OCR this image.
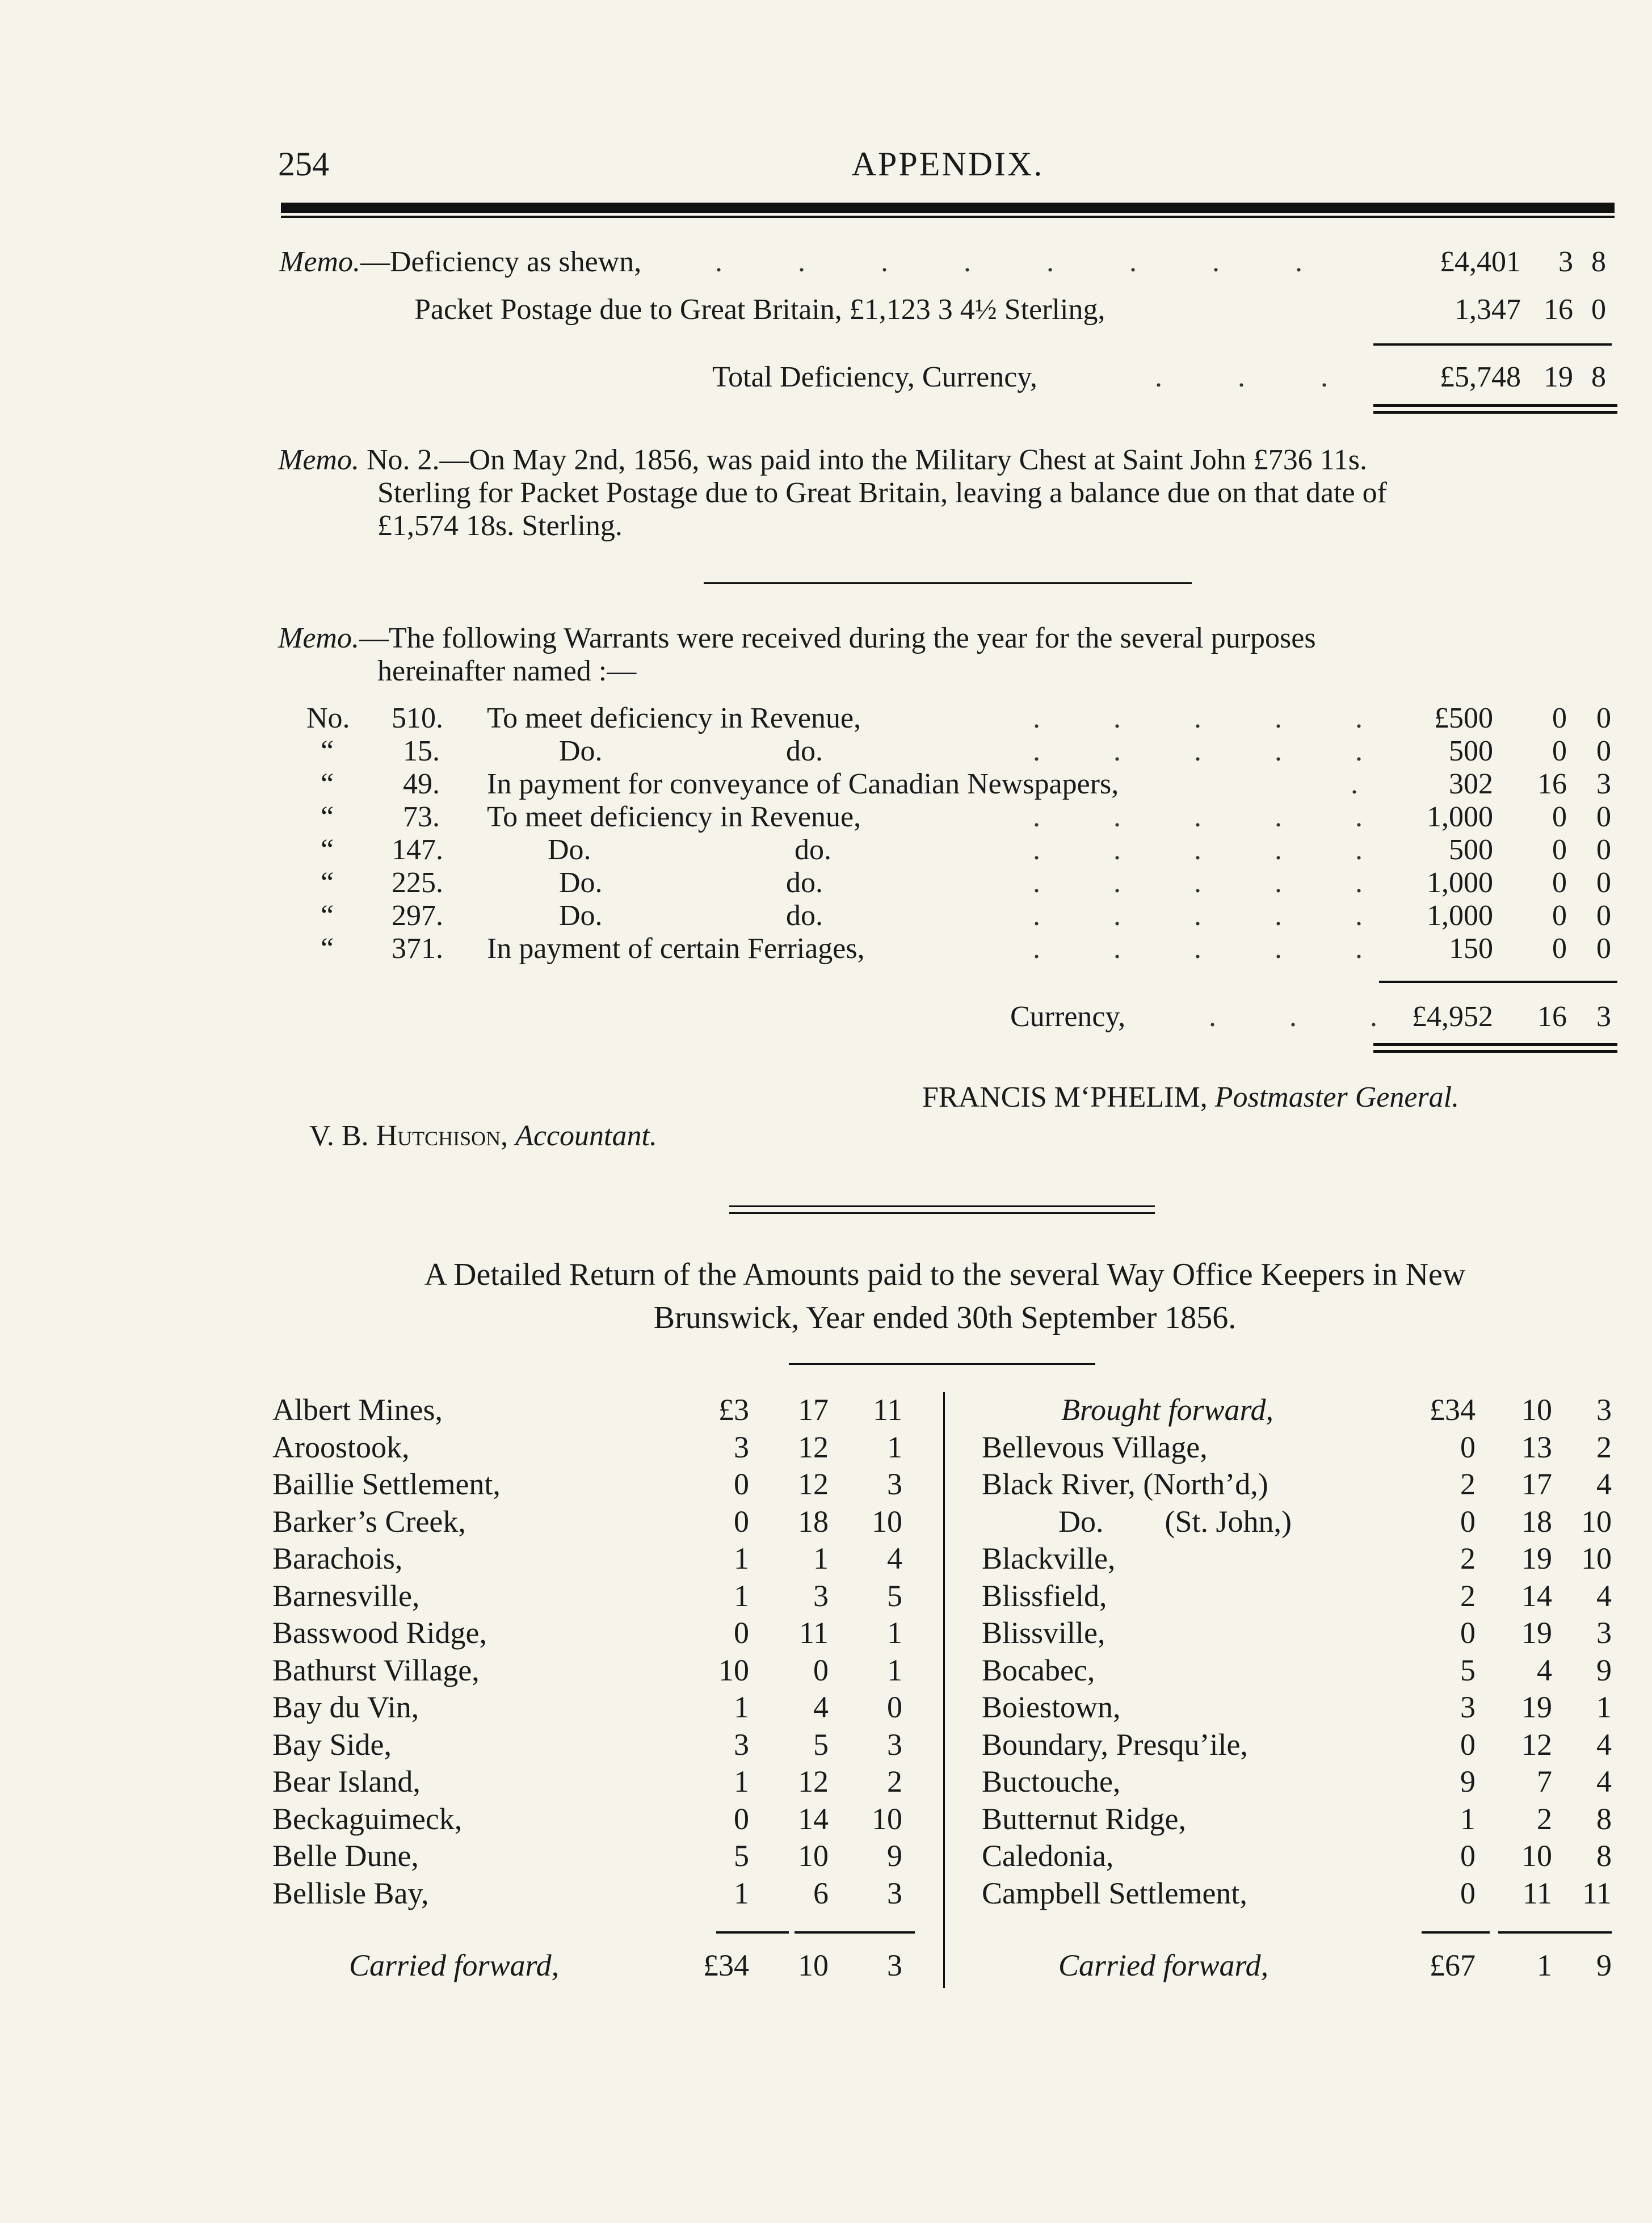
254	APPENDIX.
Memo.—Deficiency as shewn, . . . . . . . .	£4,401 3 8
Packet Postage due to Great Britain, £1,123 3 4½ Sterling,	1,347 16 0
Total Deficiency, Currency,	. . .	£5,748 19 8
Memo. No. 2.—On May 2nd, 1856, was paid into the Military Chest at Saint John £736 11s.
Sterling for Packet Postage due to Great Britain, leaving a balance due on that date of
£1,574 18s. Sterling.
Memo.—The following Warrants were received during the year for the several purposes
hereinafter named :—
No. 510. To meet deficiency in Revenue,	. . . . . £500 0 0
“ 15.	Do.	do.	. . . . . 500 0 0
“ 49. In payment for conveyance of Canadian Newspapers,	.	302 16 3
“ 73. To meet deficiency in Revenue,	. . . . . 1,000 0 0
“ 147.	Do.	do.	. . . . . 500 0 0
“ 225.	Do.	do.	. . . . . 1,000 0 0
“ 297.	Do.	do.	. . . . . 1,000 0 0
“ 371. In payment of certain Ferriages,	. . . . . 150 0 0
Currency,	. . . £4,952 16 3
FRANCIS M‘PHELIM, Postmaster General.
V. B. Hutchison, Accountant.
A Detailed Return of the Amounts paid to the several Way Office Keepers in New
Brunswick, Year ended 30th September 1856.
Albert Mines,	£3 17 11
Aroostook,	3 12 1
Baillie Settlement,	0 12 3
Barker’s Creek,	0 18 10
Barachois,	1 1 4
Barnesville,	1 3 5
Basswood Ridge,	0 11 1
Bathurst Village,	10 0 1
Bay du Vin,	1 4 0
Bay Side,	3 5 3
Bear Island,	1 12 2
Beckaguimeck,	0 14 10
Belle Dune,	5 10 9
Bellisle Bay,	1 6 3
Carried forward,	£34 10 3
Brought forward,	£34 10 3
Bellevous Village,	0 13 2
Black River, (North’d,)	2 17 4
Do.        (St. John,)	0 18 10
Blackville,	2 19 10
Blissfield,	2 14 4
Blissville,	0 19 3
Bocabec,	5 4 9
Boiestown,	3 19 1
Boundary, Presqu’ile,	0 12 4
Buctouche,	9 7 4
Butternut Ridge,	1 2 8
Caledonia,	0 10 8
Campbell Settlement,	0 11 11
Carried forward,	£67 1 9
